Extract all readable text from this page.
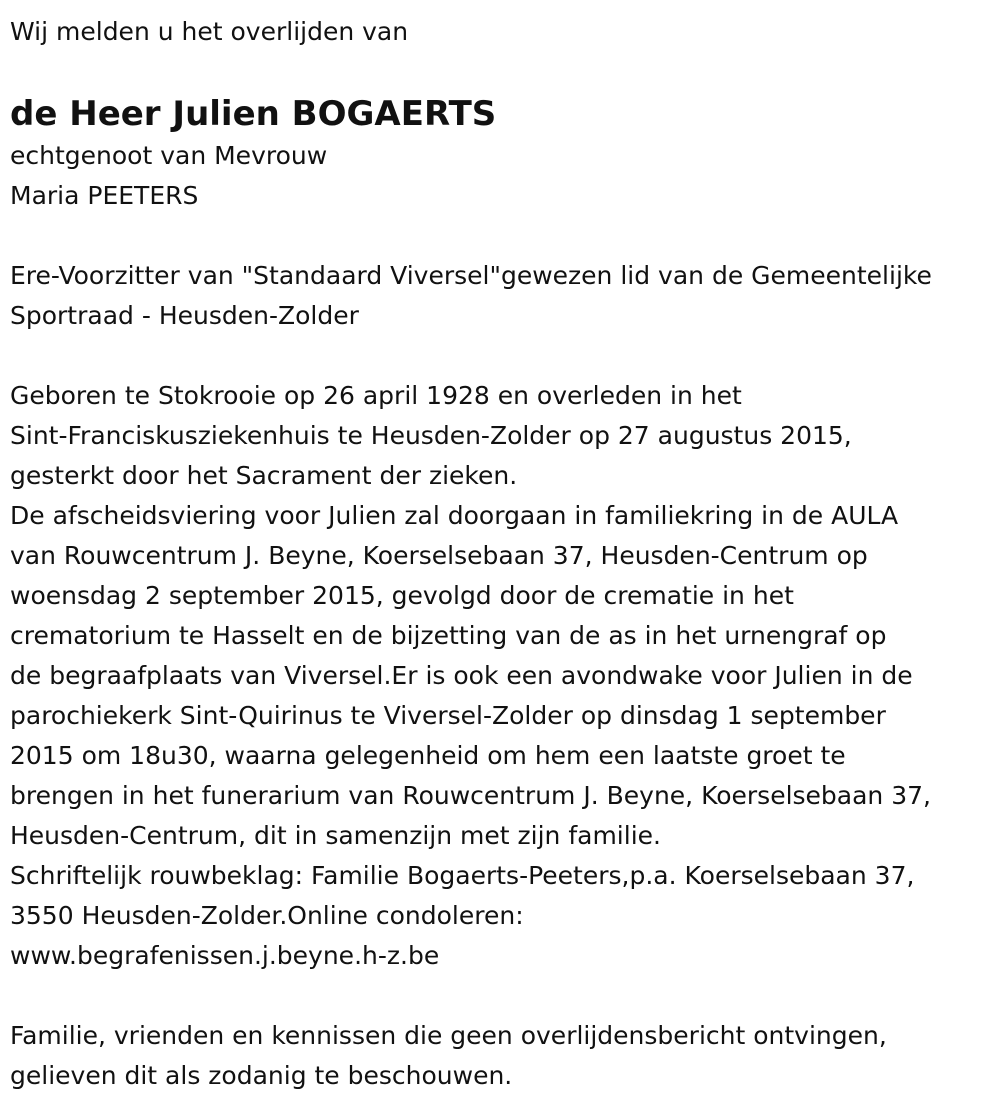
Wij melden u het overlijden van

de Heer Julien BOGAERTS

echtgenoot van Mevrouw

Maria PEETERS

Ere-Voorzitter van "Standaard Viversel"gewezen lid van de Gemeentelijke

Sportraad - Heusden-Zolder

Geboren te Stokrooie op 26 april 1928 en overleden in het

Sint-Franciskusziekenhuis te Heusden-Zolder op 27 augustus 2015,

gesterkt door het Sacrament der zieken.

De afscheidsviering voor Julien zal doorgaan in familiekring in de AULA

van Rouwcentrum J. Beyne, Koerselsebaan 37, Heusden-Centrum op

woensdag 2 september 2015, gevolgd door de crematie in het

crematorium te Hasselt en de bijzetting van de as in het urnengraf op

de begraafplaats van Viversel.Er is ook een avondwake voor Julien in de

parochiekerk Sint-Quirinus te Viversel-Zolder op dinsdag 1 september

2015 om 18u30, waarna gelegenheid om hem een laatste groet te

brengen in het funerarium van Rouwcentrum J. Beyne, Koerselsebaan 37,

Heusden-Centrum, dit in samenzijn met zijn familie.

Schriftelijk rouwbeklag: Familie Bogaerts-Peeters,p.a. Koerselsebaan 37,

3550 Heusden-Zolder.Online condoleren:

www.begrafenissen.j.beyne.h-z.be

Familie, vrienden en kennissen die geen overlijdensbericht ontvingen,

gelieven dit als zodanig te beschouwen.
